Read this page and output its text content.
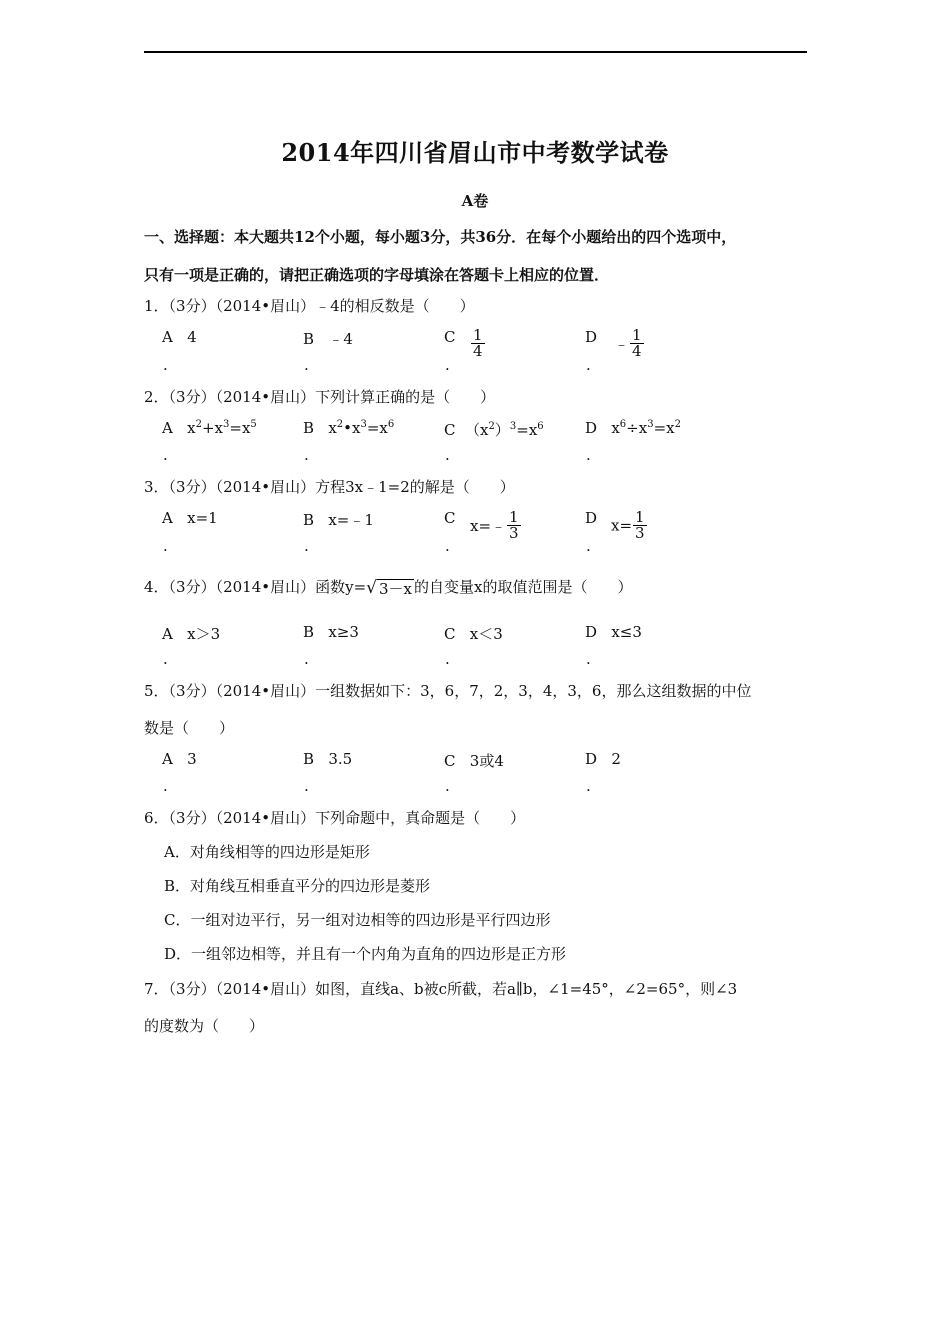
2014年四川省眉山市中考数学试卷
A卷
一、选择题：本大题共12个小题，每小题3分，共36分．在每个小题给出的四个选项中，
只有一项是正确的，请把正确选项的字母填涂在答题卡上相应的位置．
1．（3分）（2014•眉山）﹣4的相反数是（　　）
A 4
.
B ﹣4
.
C $\frac{1}{4}$
.
D ﹣ $\frac{1}{4}$
.
2．（3分）（2014•眉山）下列计算正确的是（　　）
A   $x^2+x^3=x^5$
.
B   $x^2•x^3=x^6$
.
C  $(x^2)^3=x^6$
.
D   $x^6\div x^3=x^2$
.
3．（3分）（2014•眉山）方程3x﹣1=2的解是（　　）
A x=1
.
B x=﹣1
.
C x=﹣ $\frac{1}{3}$
.
D $x= \frac{1}{3}$
.
4．（3分）（2014•眉山）函数y=√ 3－x 的自变量x的取值范围是（　　）
A x＞3
.
B x≥3
.
C x＜3
.
D x≤3
.
5．（3分）（2014•眉山）一组数据如下：3，6，7，2，3，4，3，6，那么这组数据的中位
数是（　　）
A 3
.
B 3.5
.
C 3或4
.
D 2
.
6．（3分）（2014•眉山）下列命题中，真命题是（　　）
A．对角线相等的四边形是矩形
B．对角线互相垂直平分的四边形是菱形
C．一组对边平行，另一组对边相等的四边形是平行四边形
D．一组邻边相等，并且有一个内角为直角的四边形是正方形
7．（3分）（2014•眉山）如图，直线a、b被c所截，若a∥b，∠1=45°，∠2=65°，则∠3
的度数为（　　）
